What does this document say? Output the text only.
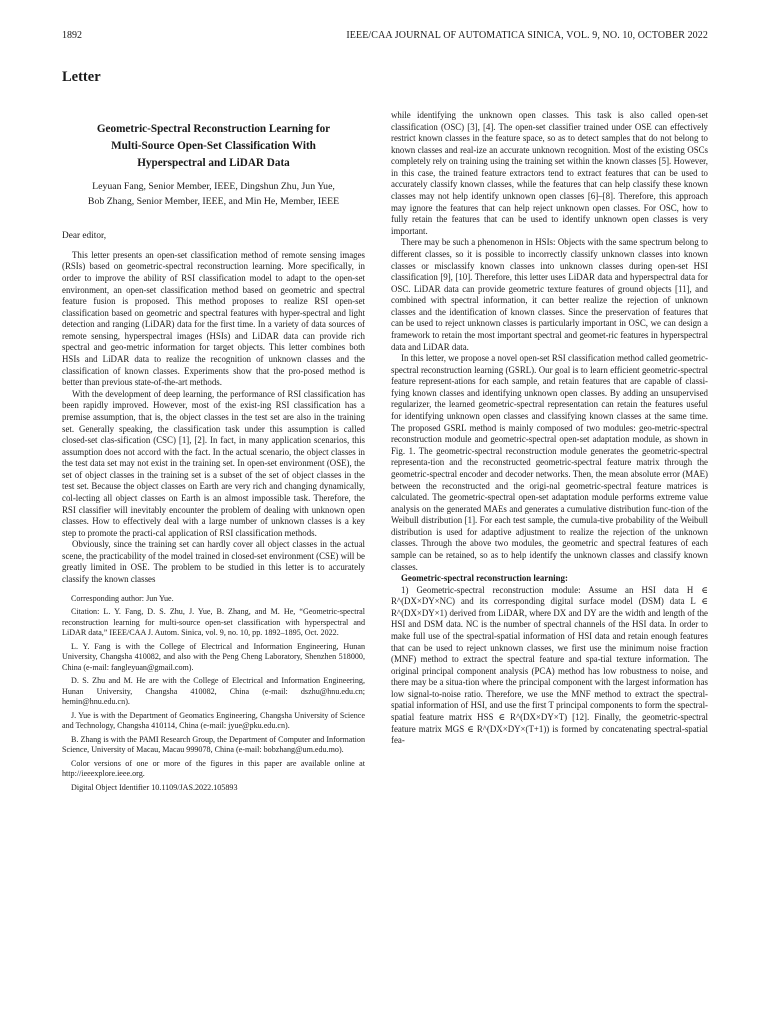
1892	IEEE/CAA JOURNAL OF AUTOMATICA SINICA, VOL. 9, NO. 10, OCTOBER 2022
Letter
Geometric-Spectral Reconstruction Learning for
Multi-Source Open-Set Classification With
Hyperspectral and LiDAR Data
Leyuan Fang, Senior Member, IEEE, Dingshun Zhu, Jun Yue,
Bob Zhang, Senior Member, IEEE, and Min He, Member, IEEE

Dear editor,

This letter presents an open-set classification method of remote sensing images (RSIs) based on geometric-spectral reconstruction learning. More specifically, in order to improve the ability of RSI classification model to adapt to the open-set environment, an open-set classification method based on geometric and spectral feature fusion is proposed. This method proposes to realize RSI open-set classification based on geometric and spectral features with hyper-spectral and light detection and ranging (LiDAR) data for the first time. In a variety of data sources of remote sensing, hyperspectral images (HSIs) and LiDAR data can provide rich spectral and geo-metric information for target objects. This letter combines both HSIs and LiDAR data to realize the recognition of unknown classes and the classification of known classes. Experiments show that the pro-posed method is better than previous state-of-the-art methods.

With the development of deep learning, the performance of RSI classification has been rapidly improved. However, most of the exist-ing RSI classification has a premise assumption, that is, the object classes in the test set are also in the training set. Generally speaking, the classification task under this assumption is called closed-set clas-sification (CSC) [1], [2]. In fact, in many application scenarios, this assumption does not accord with the fact. In the actual scenario, the object classes in the test data set may not exist in the training set. In open-set environment (OSE), the set of object classes in the training set is a subset of the set of object classes in the test set. Because the object classes on Earth are very rich and changing dynamically, col-lecting all object classes on Earth is an almost impossible task. Therefore, the RSI classifier will inevitably encounter the problem of dealing with unknown open classes. How to effectively deal with a large number of unknown classes is a key step to promote the practi-cal application of RSI classification methods.

Obviously, since the training set can hardly cover all object classes in the actual scene, the practicability of the model trained in closed-set environment (CSE) will be greatly limited in OSE. The problem to be studied in this letter is to accurately classify the known classes

Corresponding author: Jun Yue.

Citation: L. Y. Fang, D. S. Zhu, J. Yue, B. Zhang, and M. He, “Geometric-spectral reconstruction learning for multi-source open-set classification with hyperspectral and LiDAR data,” IEEE/CAA J. Autom. Sinica, vol. 9, no. 10, pp. 1892–1895, Oct. 2022.

L. Y. Fang is with the College of Electrical and Information Engineering, Hunan University, Changsha 410082, and also with the Peng Cheng Laboratory, Shenzhen 518000, China (e-mail: fangleyuan@gmail.com).

D. S. Zhu and M. He are with the College of Electrical and Information Engineering, Hunan University, Changsha 410082, China (e-mail: dszhu@hnu.edu.cn; hemin@hnu.edu.cn).

J. Yue is with the Department of Geomatics Engineering, Changsha University of Science and Technology, Changsha 410114, China (e-mail: jyue@pku.edu.cn).

B. Zhang is with the PAMI Research Group, the Department of Computer and Information Science, University of Macau, Macau 999078, China (e-mail: bobzhang@um.edu.mo).

Color versions of one or more of the figures in this paper are available online at http://ieeexplore.ieee.org.

Digital Object Identifier 10.1109/JAS.2022.105893

while identifying the unknown open classes. This task is also called open-set classification (OSC) [3], [4]. The open-set classifier trained under OSE can effectively restrict known classes in the feature space, so as to detect samples that do not belong to known classes and real-ize an accurate unknown recognition. Most of the existing OSCs completely rely on training using the training set within the known classes [5]. However, in this case, the trained feature extractors tend to extract features that can be used to accurately classify known classes, while the features that can help classify these known classes may not help identify unknown open classes [6]–[8]. Therefore, this approach may ignore the features that can help reject unknown open classes. For OSC, how to fully retain the features that can be used to identify unknown open classes is very important.

There may be such a phenomenon in HSIs: Objects with the same spectrum belong to different classes, so it is possible to incorrectly classify unknown classes into known classes or misclassify known classes into unknown classes during open-set HSI classification [9], [10]. Therefore, this letter uses LiDAR data and hyperspectral data for OSC. LiDAR data can provide geometric texture features of ground objects [11], and combined with spectral information, it can better realize the rejection of unknown classes and the identification of known classes. Since the preservation of features that can be used to reject unknown classes is particularly important in OSC, we can design a framework to retain the most important spectral and geomet-ric features in hyperspectral data and LiDAR data.

In this letter, we propose a novel open-set RSI classification method called geometric-spectral reconstruction learning (GSRL). Our goal is to learn efficient geometric-spectral feature represent-ations for each sample, and retain features that are capable of classi-fying known classes and identifying unknown open classes. By adding an unsupervised regularizer, the learned geometric-spectral representation can retain the features useful for identifying unknown open classes and classifying known classes at the same time. The proposed GSRL method is mainly composed of two modules: geo-metric-spectral reconstruction module and geometric-spectral open-set adaptation module, as shown in Fig. 1. The geometric-spectral reconstruction module generates the geometric-spectral representa-tion and the reconstructed geometric-spectral feature matrix through the geometric-spectral encoder and decoder networks. Then, the mean absolute error (MAE) between the reconstructed and the origi-nal geometric-spectral feature matrices is calculated. The geometric-spectral open-set adaptation module performs extreme value analysis on the generated MAEs and generates a cumulative distribution func-tion of the Weibull distribution [1]. For each test sample, the cumula-tive probability of the Weibull distribution is used for adaptive adjustment to realize the rejection of the unknown classes. Through the above two modules, the geometric and spectral features of each sample can be retained, so as to help identify the unknown classes and classify known classes.

Geometric-spectral reconstruction learning:

1) Geometric-spectral reconstruction module: Assume an HSI data H ∈ R^(DX×DY×NC) and its corresponding digital surface model (DSM) data L ∈ R^(DX×DY×1) derived from LiDAR, where DX and DY are the width and length of the HSI and DSM data. NC is the number of spectral channels of the HSI data. In order to make full use of the spectral-spatial information of HSI data and retain enough features that can be used to reject unknown classes, we first use the minimum noise fraction (MNF) method to extract the spectral feature and spa-tial texture information. The original principal component analysis (PCA) method has low robustness to noise, and there may be a situa-tion where the principal component with the largest information has low signal-to-noise ratio. Therefore, we use the MNF method to extract the spectral-spatial information of HSI, and use the first T principal components to form the spectral-spatial feature matrix HSS ∈ R^(DX×DY×T) [12]. Finally, the geometric-spectral feature matrix MGS ∈ R^(DX×DY×(T+1)) is formed by concatenating spectral-spatial fea-
